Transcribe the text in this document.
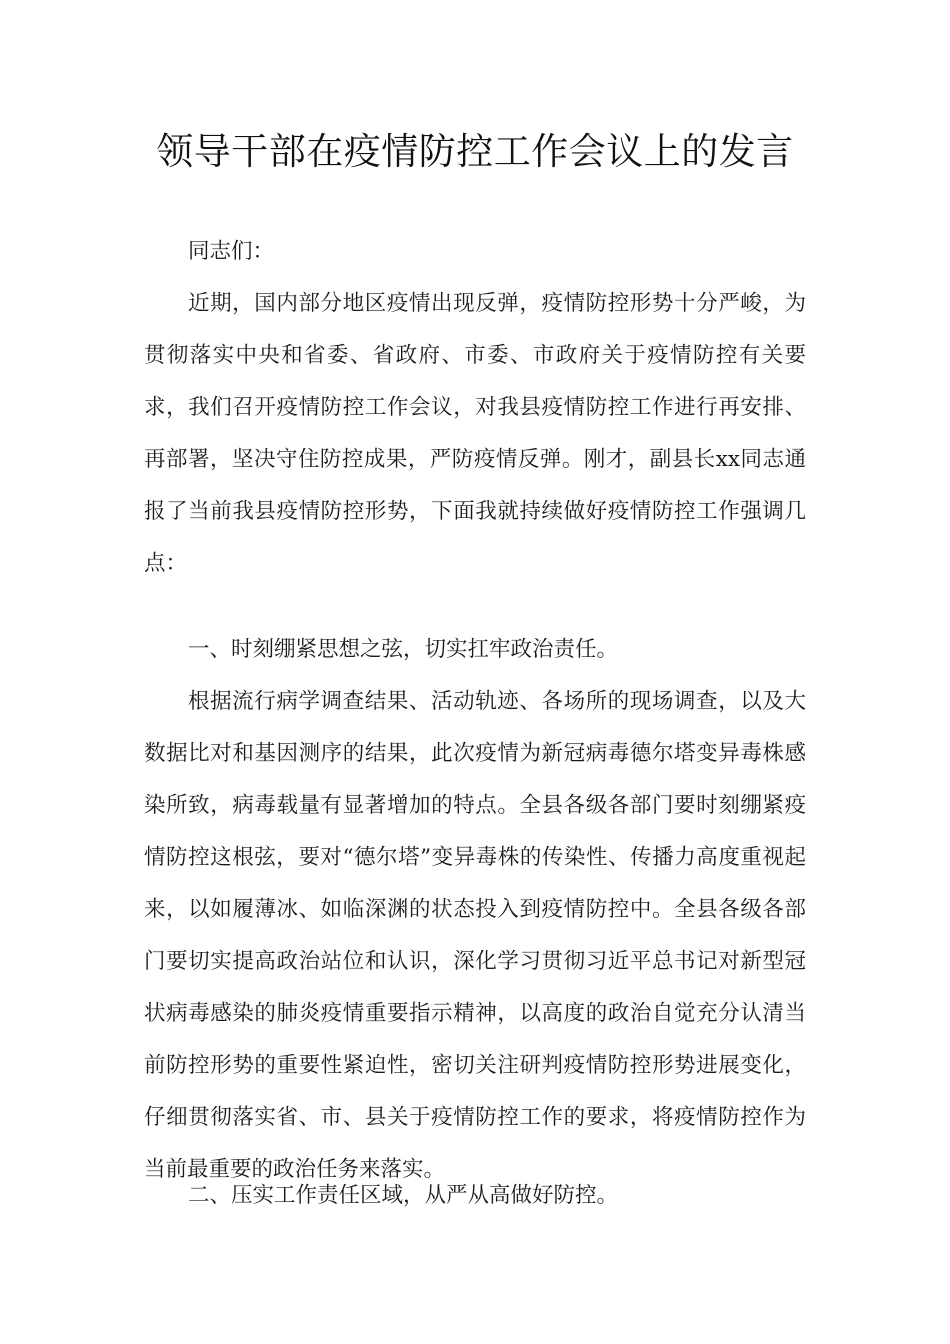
领导干部在疫情防控工作会议上的发言

同志们：

近期，国内部分地区疫情出现反弹，疫情防控形势十分严峻，为贯彻落实中央和省委、省政府、市委、市政府关于疫情防控有关要求，我们召开疫情防控工作会议，对我县疫情防控工作进行再安排、再部署，坚决守住防控成果，严防疫情反弹。刚才，副县长xx同志通报了当前我县疫情防控形势，下面我就持续做好疫情防控工作强调几点：

一、时刻绷紧思想之弦，切实扛牢政治责任。

根据流行病学调查结果、活动轨迹、各场所的现场调查，以及大数据比对和基因测序的结果，此次疫情为新冠病毒德尔塔变异毒株感染所致，病毒载量有显著增加的特点。全县各级各部门要时刻绷紧疫情防控这根弦，要对“德尔塔”变异毒株的传染性、传播力高度重视起来，以如履薄冰、如临深渊的状态投入到疫情防控中。全县各级各部门要切实提高政治站位和认识，深化学习贯彻习近平总书记对新型冠状病毒感染的肺炎疫情重要指示精神，以高度的政治自觉充分认清当前防控形势的重要性紧迫性，密切关注研判疫情防控形势进展变化，仔细贯彻落实省、市、县关于疫情防控工作的要求，将疫情防控作为当前最重要的政治任务来落实。

二、压实工作责任区域，从严从高做好防控。
